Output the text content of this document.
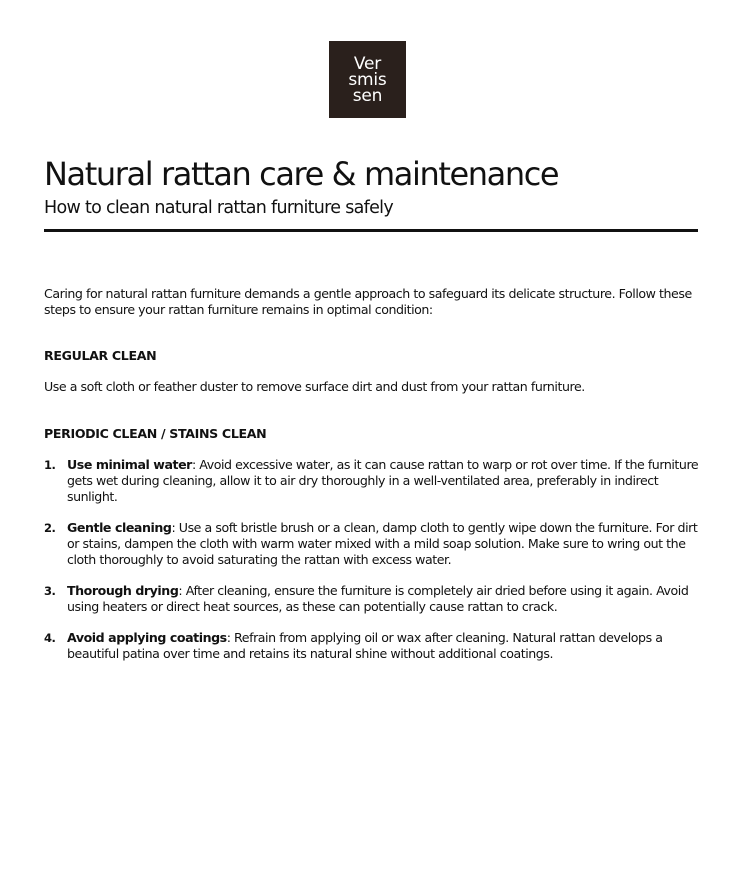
Ver
smis
sen
Natural rattan care & maintenance
How to clean natural rattan furniture safely

Caring for natural rattan furniture demands a gentle approach to safeguard its delicate structure. Follow these steps to ensure your rattan furniture remains in optimal condition:

REGULAR CLEAN

Use a soft cloth or feather duster to remove surface dirt and dust from your rattan furniture.

PERIODIC CLEAN / STAINS CLEAN
1. Use minimal water: Avoid excessive water, as it can cause rattan to warp or rot over time. If the furniture gets wet during cleaning, allow it to air dry thoroughly in a well-ventilated area, preferably in indirect sunlight.
2. Gentle cleaning: Use a soft bristle brush or a clean, damp cloth to gently wipe down the furniture. For dirt or stains, dampen the cloth with warm water mixed with a mild soap solution. Make sure to wring out the cloth thoroughly to avoid saturating the rattan with excess water.
3. Thorough drying: After cleaning, ensure the furniture is completely air dried before using it again. Avoid using heaters or direct heat sources, as these can potentially cause rattan to crack.
4. Avoid applying coatings: Refrain from applying oil or wax after cleaning. Natural rattan develops a beautiful patina over time and retains its natural shine without additional coatings.
